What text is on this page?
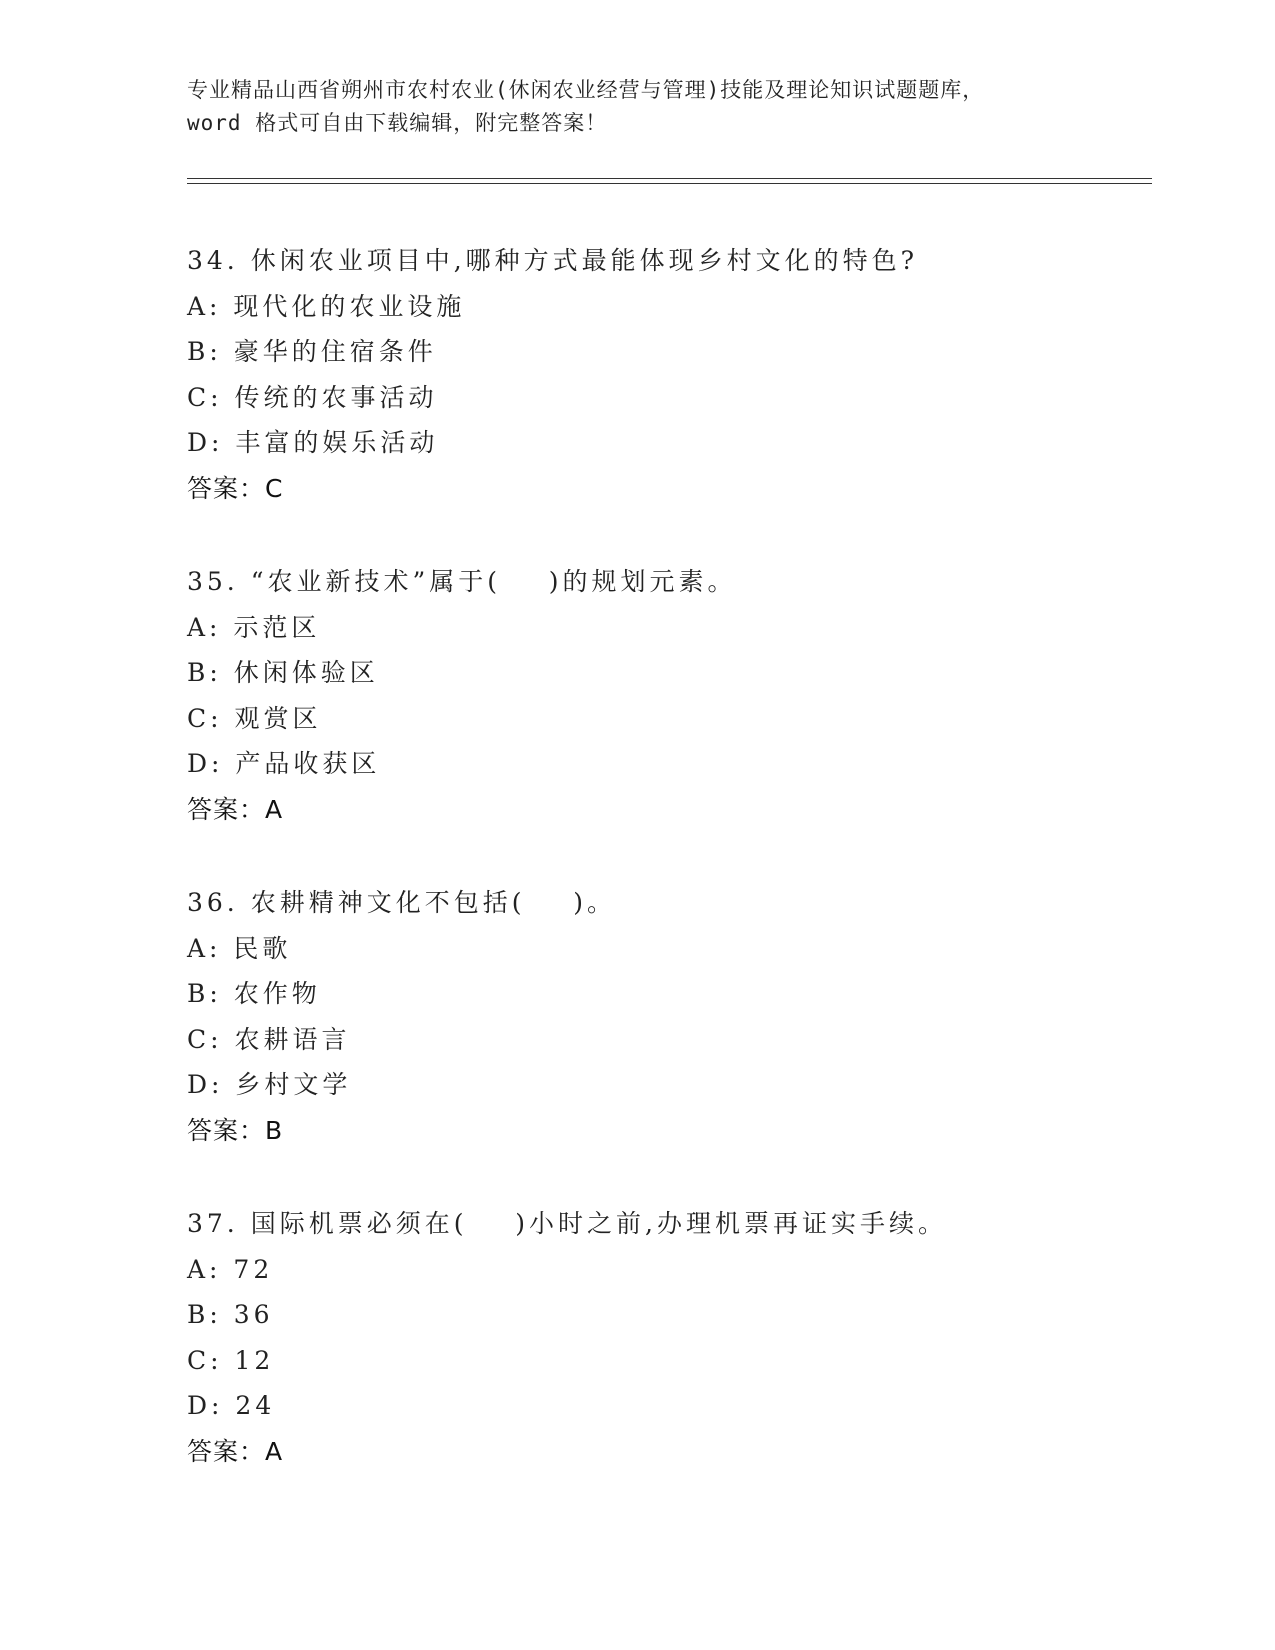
专业精品山西省朔州市农村农业(休闲农业经营与管理)技能及理论知识试题题库，
word 格式可自由下载编辑，附完整答案！
34. 休闲农业项目中,哪种方式最能体现乡村文化的特色?
A: 现代化的农业设施
B: 豪华的住宿条件
C: 传统的农事活动
D: 丰富的娱乐活动
答案：C
35. “农业新技术”属于(    )的规划元素。
A: 示范区
B: 休闲体验区
C: 观赏区
D: 产品收获区
答案：A
36. 农耕精神文化不包括(    )。
A: 民歌
B: 农作物
C: 农耕语言
D: 乡村文学
答案：B
37. 国际机票必须在(    )小时之前,办理机票再证实手续。
A: 72
B: 36
C: 12
D: 24
答案：A
